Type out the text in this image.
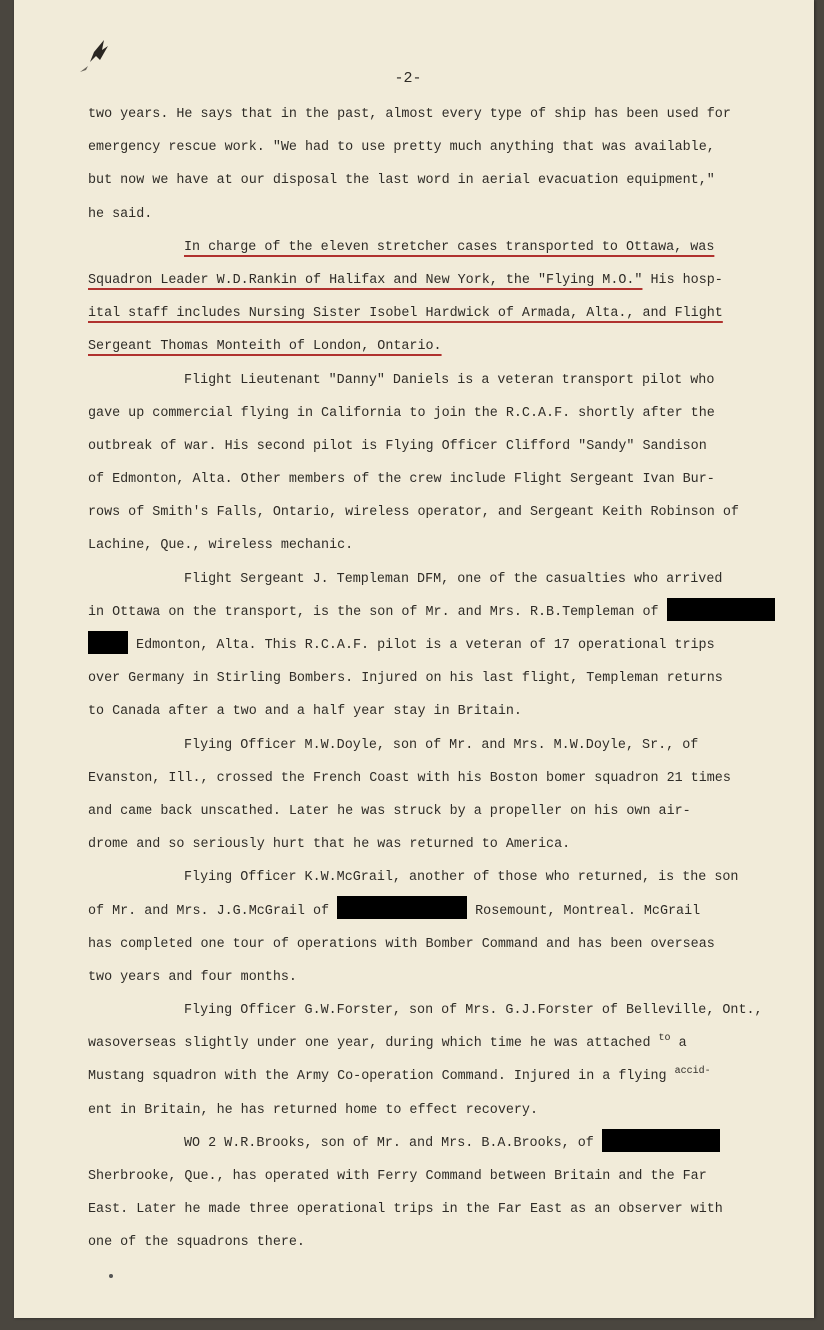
-2-
two years. He says that in the past, almost every type of ship has been used for
emergency rescue work. "We had to use pretty much anything that was available,
but now we have at our disposal the last word in aerial evacuation equipment,"
he said.
In charge of the eleven stretcher cases transported to Ottawa, was
Squadron Leader W.D.Rankin of Halifax and New York, the "Flying M.O." His hosp-
ital staff includes Nursing Sister Isobel Hardwick of Armada, Alta., and Flight
Sergeant Thomas Monteith of London, Ontario.
Flight Lieutenant "Danny" Daniels is a veteran transport pilot who
gave up commercial flying in California to join the R.C.A.F. shortly after the
outbreak of war. His second pilot is Flying Officer Clifford "Sandy" Sandison
of Edmonton, Alta. Other members of the crew include Flight Sergeant Ivan Bur-
rows of Smith's Falls, Ontario, wireless operator, and Sergeant Keith Robinson of
Lachine, Que., wireless mechanic.
Flight Sergeant J. Templeman DFM, one of the casualties who arrived
in Ottawa on the transport, is the son of Mr. and Mrs. R.B.Templeman of
Edmonton, Alta. This R.C.A.F. pilot is a veteran of 17 operational trips
over Germany in Stirling Bombers. Injured on his last flight, Templeman returns
to Canada after a two and a half year stay in Britain.
Flying Officer M.W.Doyle, son of Mr. and Mrs. M.W.Doyle, Sr., of
Evanston, Ill., crossed the French Coast with his Boston bomer squadron 21 times
and came back unscathed. Later he was struck by a propeller on his own air-
drome and so seriously hurt that he was returned to America.
Flying Officer K.W.McGrail, another of those who returned, is the son
of Mr. and Mrs. J.G.McGrail of	Rosemount, Montreal. McGrail
has completed one tour of operations with Bomber Command and has been overseas
two years and four months.
Flying Officer G.W.Forster, son of Mrs. G.J.Forster of Belleville, Ont.,
wasoverseas slightly under one year, during which time he was attached $^{to}$ a
Mustang squadron with the Army Co-operation Command. Injured in a flying $^{accid-}$
ent in Britain, he has returned home to effect recovery.
WO 2 W.R.Brooks, son of Mr. and Mrs. B.A.Brooks, of
Sherbrooke, Que., has operated with Ferry Command between Britain and the Far
East. Later he made three operational trips in the Far East as an observer with
one of the squadrons there.
